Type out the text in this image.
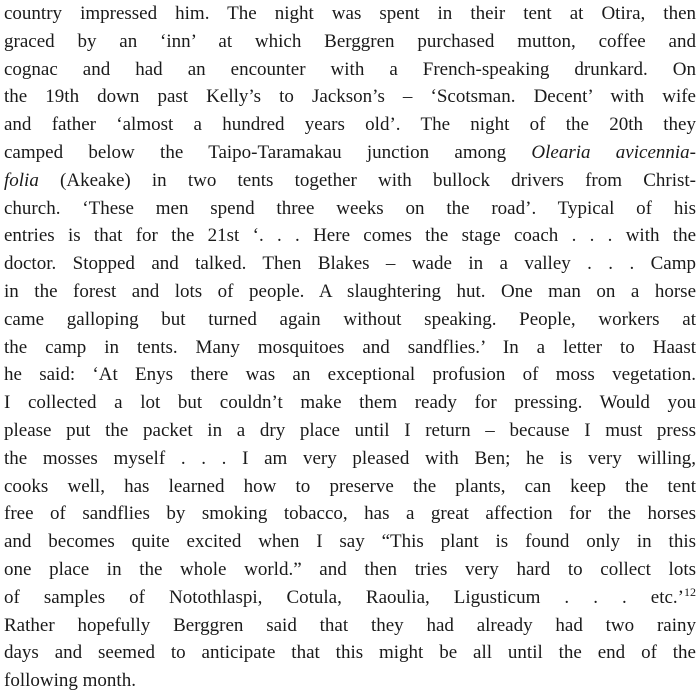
country impressed him. The night was spent in their tent at Otira, then
graced by an ‘inn’ at which Berggren purchased mutton, coffee and
cognac and had an encounter with a French-speaking drunkard. On
the 19th down past Kelly’s to Jackson’s – ‘Scotsman. Decent’ with wife
and father ‘almost a hundred years old’. The night of the 20th they
camped below the Taipo-Taramakau junction among Olearia avicennia-
folia (Akeake) in two tents together with bullock drivers from Christ-
church. ‘These men spend three weeks on the road’. Typical of his
entries is that for the 21st ‘. . . Here comes the stage coach . . . with the
doctor. Stopped and talked. Then Blakes – wade in a valley . . . Camp
in the forest and lots of people. A slaughtering hut. One man on a horse
came galloping but turned again without speaking. People, workers at
the camp in tents. Many mosquitoes and sandflies.’ In a letter to Haast
he said: ‘At Enys there was an exceptional profusion of moss vegetation.
I collected a lot but couldn’t make them ready for pressing. Would you
please put the packet in a dry place until I return – because I must press
the mosses myself . . . I am very pleased with Ben; he is very willing,
cooks well, has learned how to preserve the plants, can keep the tent
free of sandflies by smoking tobacco, has a great affection for the horses
and becomes quite excited when I say “This plant is found only in this
one place in the whole world.” and then tries very hard to collect lots
of samples of Notothlaspi, Cotula, Raoulia, Ligusticum . . . etc.’$^{12}$
Rather hopefully Berggren said that they had already had two rainy
days and seemed to anticipate that this might be all until the end of the
following month.
